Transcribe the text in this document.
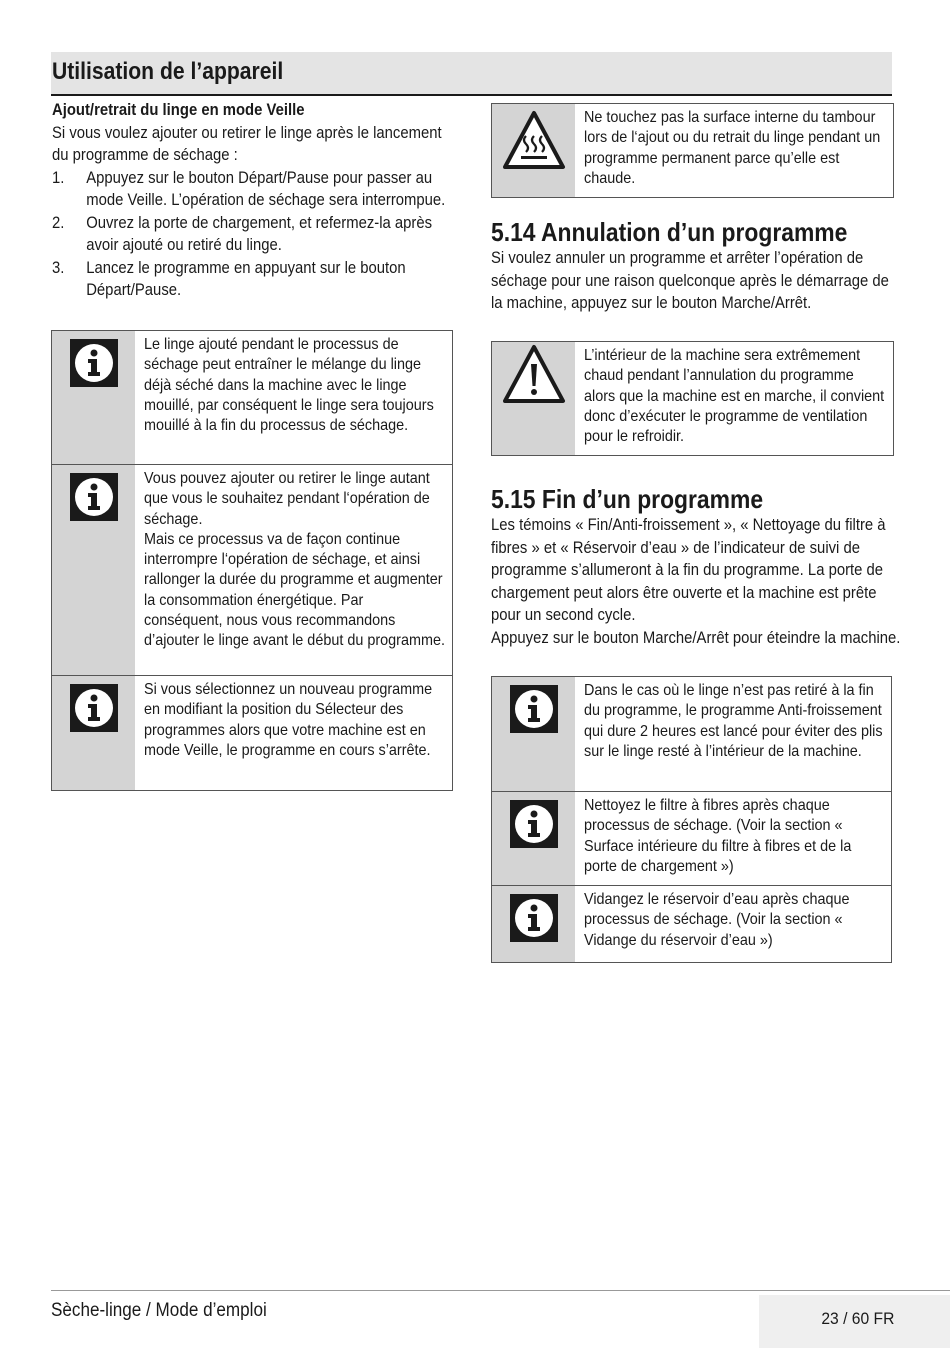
Utilisation de l’appareil

Ajout/retrait du linge en mode Veille

Si vous voulez ajouter ou retirer le linge après le lancement du programme de séchage :

1. Appuyez sur le bouton Départ/Pause pour passer au mode Veille. L’opération de séchage sera interrompue.
2. Ouvrez la porte de chargement, et refermez-la après avoir ajouté ou retiré du linge.
3. Lancez le programme en appuyant sur le bouton Départ/Pause.
Le linge ajouté pendant le processus de séchage peut entraîner le mélange du linge déjà séché dans la machine avec le linge mouillé, par conséquent le linge sera toujours mouillé à la fin du processus de séchage.
Vous pouvez ajouter ou retirer le linge autant que vous le souhaitez pendant l‘opération de séchage.
Mais ce processus va de façon continue interrompre l‘opération de séchage, et ainsi rallonger la durée du programme et augmenter la consommation énergétique. Par conséquent, nous vous recommandons d’ajouter le linge avant le début du programme.
Si vous sélectionnez un nouveau programme en modifiant la position du Sélecteur des programmes alors que votre machine est en mode Veille, le programme en cours s’arrête.
Ne touchez pas la surface interne du tambour lors de l‘ajout ou du retrait du linge pendant un programme permanent parce qu’elle est chaude.
5.14 Annulation d’un programme

Si voulez annuler un programme et arrêter l’opération de séchage pour une raison quelconque après le démarrage de la machine, appuyez sur le bouton Marche/Arrêt.

L’intérieur de la machine sera extrêmement chaud pendant l’annulation du programme alors que la machine est en marche, il convient donc d’exécuter le programme de ventilation pour le refroidir.
5.15 Fin d’un programme

Les témoins « Fin/Anti-froissement », « Nettoyage du filtre à fibres » et « Réservoir d’eau » de l’indicateur de suivi de programme s’allumeront à la fin du programme. La porte de chargement peut alors être ouverte et la machine est prête pour un second cycle.

Appuyez sur le bouton Marche/Arrêt pour éteindre la machine.

Dans le cas où le linge n’est pas retiré à la fin du programme, le programme Anti-froissement qui dure 2 heures est lancé pour éviter des plis sur le linge resté à l’intérieur de la machine.
Nettoyez le filtre à fibres après chaque processus de séchage. (Voir la section « Surface intérieure du filtre à fibres et de la porte de chargement »)
Vidangez le réservoir d’eau après chaque processus de séchage. (Voir la section « Vidange du réservoir d’eau »)
Sèche-linge / Mode d’emploi	23 / 60 FR
